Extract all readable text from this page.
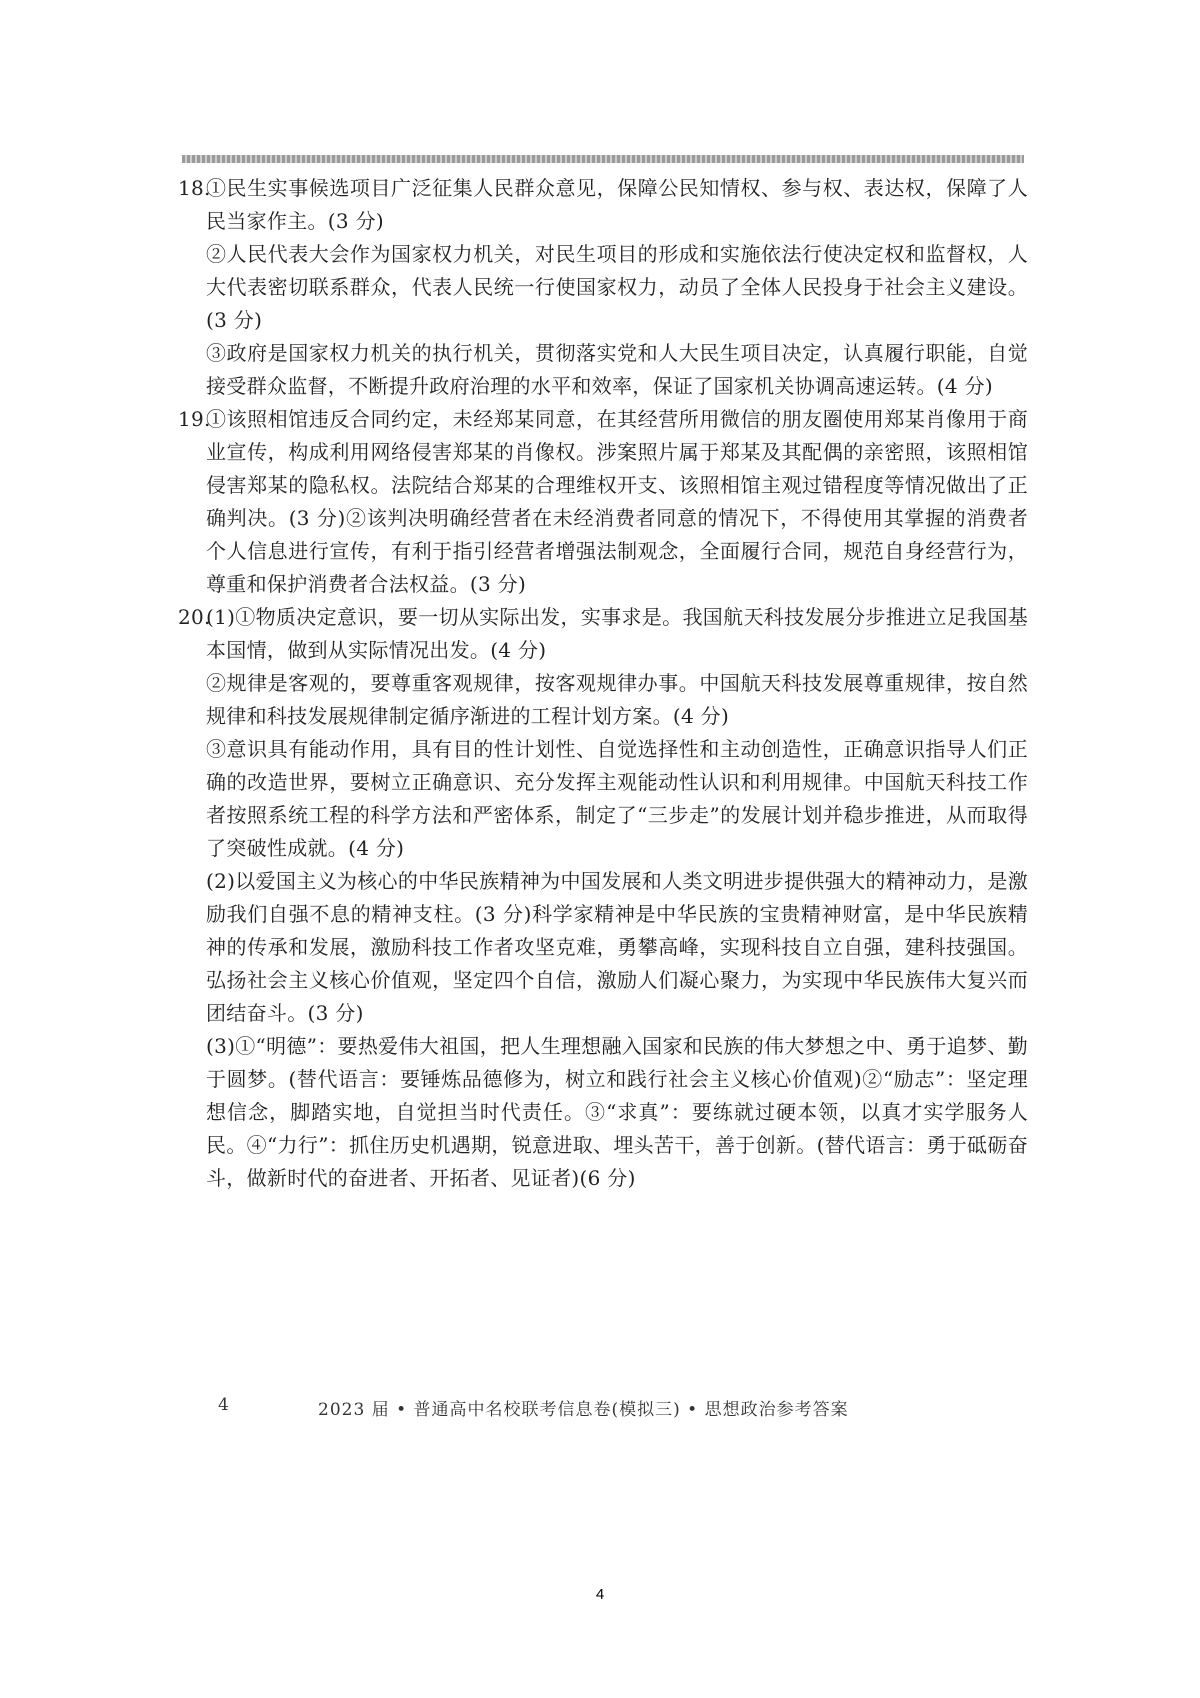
18.

①民生实事候选项目广泛征集人民群众意见，保障公民知情权、参与权、表达权，保障了人民当家作主。(3 分)

②人民代表大会作为国家权力机关，对民生项目的形成和实施依法行使决定权和监督权，人大代表密切联系群众，代表人民统一行使国家权力，动员了全体人民投身于社会主义建设。(3 分)

③政府是国家权力机关的执行机关，贯彻落实党和人大民生项目决定，认真履行职能，自觉接受群众监督，不断提升政府治理的水平和效率，保证了国家机关协调高速运转。(4 分)

19.

①该照相馆违反合同约定，未经郑某同意，在其经营所用微信的朋友圈使用郑某肖像用于商业宣传，构成利用网络侵害郑某的肖像权。涉案照片属于郑某及其配偶的亲密照，该照相馆侵害郑某的隐私权。法院结合郑某的合理维权开支、该照相馆主观过错程度等情况做出了正确判决。(3 分)②该判决明确经营者在未经消费者同意的情况下，不得使用其掌握的消费者个人信息进行宣传，有利于指引经营者增强法制观念，全面履行合同，规范自身经营行为，尊重和保护消费者合法权益。(3 分)

20.

(1)①物质决定意识，要一切从实际出发，实事求是。我国航天科技发展分步推进立足我国基本国情，做到从实际情况出发。(4 分)

②规律是客观的，要尊重客观规律，按客观规律办事。中国航天科技发展尊重规律，按自然规律和科技发展规律制定循序渐进的工程计划方案。(4 分)

③意识具有能动作用，具有目的性计划性、自觉选择性和主动创造性，正确意识指导人们正确的改造世界，要树立正确意识、充分发挥主观能动性认识和利用规律。中国航天科技工作者按照系统工程的科学方法和严密体系，制定了“三步走”的发展计划并稳步推进，从而取得了突破性成就。(4 分)

(2)以爱国主义为核心的中华民族精神为中国发展和人类文明进步提供强大的精神动力，是激励我们自强不息的精神支柱。(3 分)科学家精神是中华民族的宝贵精神财富，是中华民族精神的传承和发展，激励科技工作者攻坚克难，勇攀高峰，实现科技自立自强，建科技强国。弘扬社会主义核心价值观，坚定四个自信，激励人们凝心聚力，为实现中华民族伟大复兴而团结奋斗。(3 分)

(3)①“明德”：要热爱伟大祖国，把人生理想融入国家和民族的伟大梦想之中、勇于追梦、勤于圆梦。(替代语言：要锤炼品德修为，树立和践行社会主义核心价值观)②“励志”：坚定理想信念，脚踏实地，自觉担当时代责任。③“求真”：要练就过硬本领，以真才实学服务人民。④“力行”：抓住历史机遇期，锐意进取、埋头苦干，善于创新。(替代语言：勇于砥砺奋斗，做新时代的奋进者、开拓者、见证者)(6 分)

4	2023 届 • 普通高中名校联考信息卷(模拟三) • 思想政治参考答案
4
